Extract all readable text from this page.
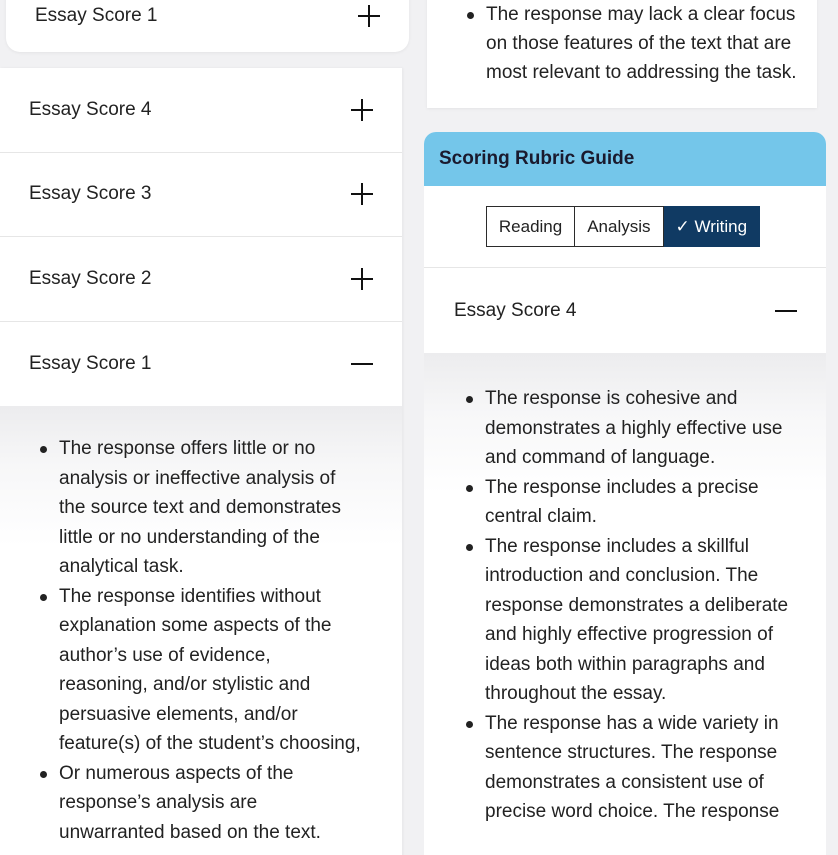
Essay Score 1
Essay Score 4
Essay Score 3
Essay Score 2
Essay Score 1
The response offers little or no analysis or ineffective analysis of the source text and demonstrates little or no understanding of the analytical task.
The response identifies without explanation some aspects of the author’s use of evidence, reasoning, and/or stylistic and persuasive elements, and/or feature(s) of the student’s choosing,
Or numerous aspects of the response’s analysis are unwarranted based on the text.
The response may lack a clear focus on those features of the text that are most relevant to addressing the task.
Scoring Rubric Guide
Reading	Analysis	✓ Writing
Essay Score 4
The response is cohesive and demonstrates a highly effective use and command of language.
The response includes a precise central claim.
The response includes a skillful introduction and conclusion. The response demonstrates a deliberate and highly effective progression of ideas both within paragraphs and throughout the essay.
The response has a wide variety in sentence structures. The response demonstrates a consistent use of precise word choice. The response
